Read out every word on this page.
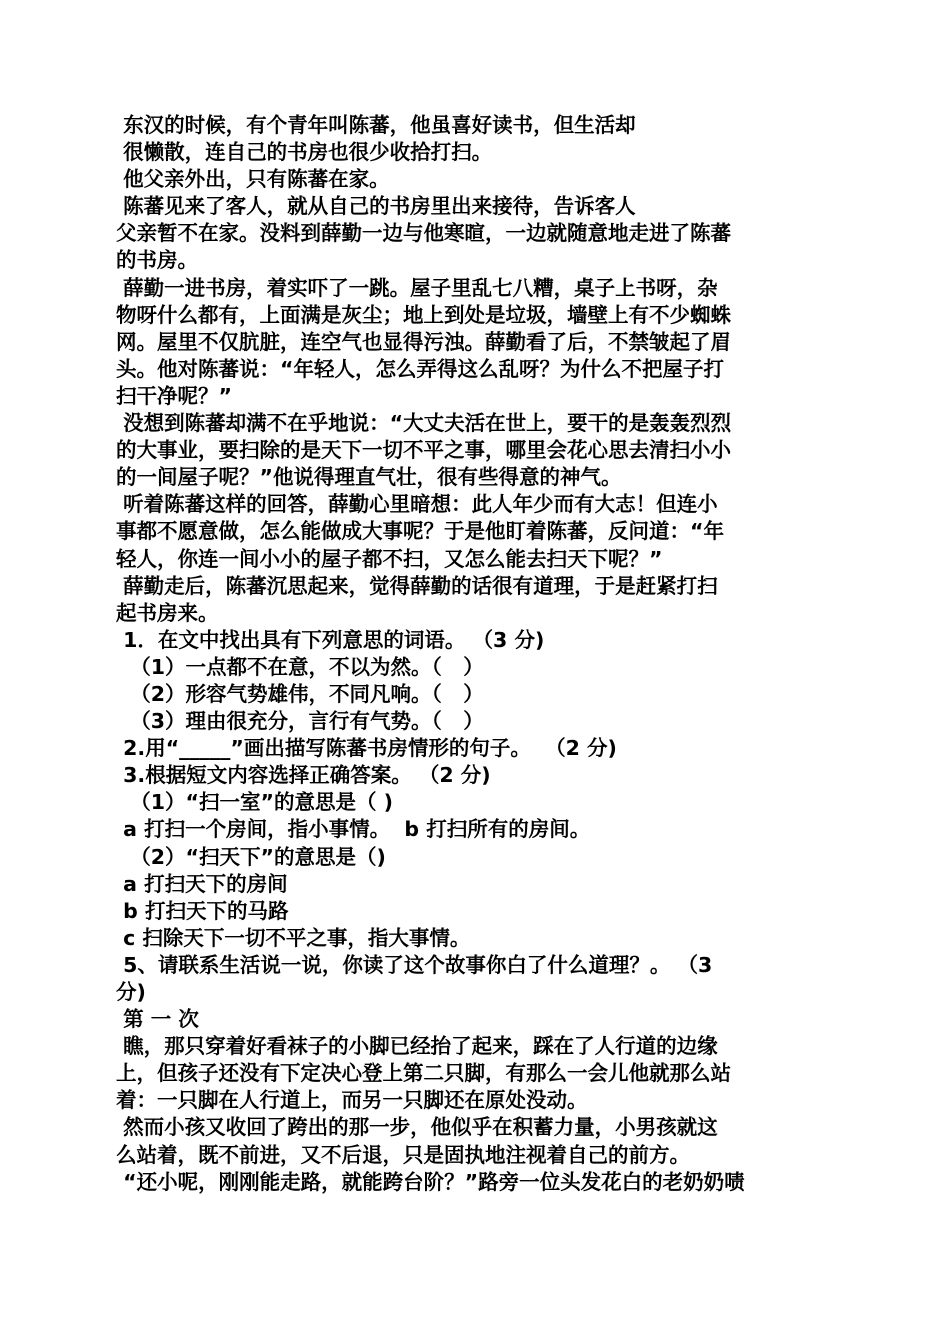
东汉的时候，有个青年叫陈蕃，他虽喜好读书，但生活却
很懒散，连自己的书房也很少收拾打扫。
他父亲外出，只有陈蕃在家。
陈蕃见来了客人，就从自己的书房里出来接待，告诉客人
父亲暂不在家。没料到薛勤一边与他寒暄，一边就随意地走进了陈蕃
的书房。
薛勤一进书房，着实吓了一跳。屋子里乱七八糟，桌子上书呀，杂
物呀什么都有，上面满是灰尘；地上到处是垃圾，墙壁上有不少蜘蛛
网。屋里不仅肮脏，连空气也显得污浊。薛勤看了后，不禁皱起了眉
头。他对陈蕃说：“年轻人，怎么弄得这么乱呀？为什么不把屋子打
扫干净呢？”
没想到陈蕃却满不在乎地说：“大丈夫活在世上，要干的是轰轰烈烈
的大事业，要扫除的是天下一切不平之事，哪里会花心思去清扫小小
的一间屋子呢？”他说得理直气壮，很有些得意的神气。
听着陈蕃这样的回答，薛勤心里暗想：此人年少而有大志！但连小
事都不愿意做，怎么能做成大事呢？于是他盯着陈蕃，反问道：“年
轻人，你连一间小小的屋子都不扫，又怎么能去扫天下呢？”
薛勤走后，陈蕃沉思起来，觉得薛勤的话很有道理，于是赶紧打扫
起书房来。
1．在文中找出具有下列意思的词语。 （3 分)
（1）一点都不在意，不以为然。（   ）
（2）形容气势雄伟，不同凡响。（   ）
（3）理由很充分，言行有气势。（   ）
2.用“_____”画出描写陈蕃书房情形的句子。  （2 分)
3.根据短文内容选择正确答案。 （2 分)
（1）“扫一室”的意思是（ )
a 打扫一个房间，指小事情。  b 打扫所有的房间。
（2）“扫天下”的意思是（)
a 打扫天下的房间
b 打扫天下的马路
c 扫除天下一切不平之事，指大事情。
5、请联系生活说一说，你读了这个故事你白了什么道理？。 （3
分)
第 一 次
瞧，那只穿着好看袜子的小脚已经抬了起来，踩在了人行道的边缘
上，但孩子还没有下定决心登上第二只脚，有那么一会儿他就那么站
着：一只脚在人行道上，而另一只脚还在原处没动。
然而小孩又收回了跨出的那一步，他似乎在积蓄力量，小男孩就这
么站着，既不前进，又不后退，只是固执地注视着自己的前方。
“还小呢，刚刚能走路，就能跨台阶？”路旁一位头发花白的老奶奶啧
